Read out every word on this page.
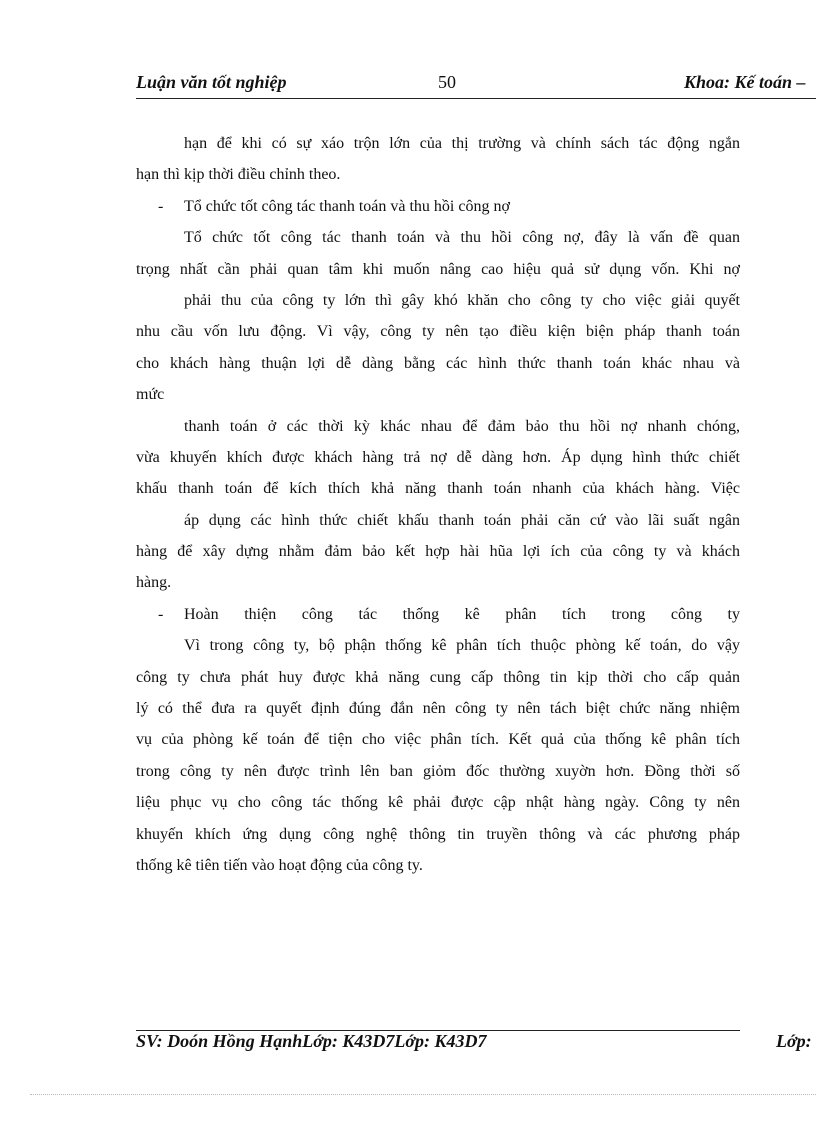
Luận văn tốt nghiệp	50	Khoa: Kế toán –
hạn để khi có sự xáo trộn lớn của thị trường và chính sách tác động ngắn
hạn thì kịp thời điều chỉnh theo.
- Tổ chức tốt công tác thanh toán và thu hồi công nợ
Tổ chức tốt công tác thanh toán và thu hồi công nợ, đây là vấn đề quan
trọng nhất cần phải quan tâm khi muốn nâng cao hiệu quả sử dụng vốn. Khi nợ
phải thu của công ty lớn thì gây khó khăn cho công ty cho việc giải quyết
nhu cầu vốn lưu động. Vì vậy, công ty nên tạo điều kiện biện pháp thanh toán
cho khách hàng thuận lợi dễ dàng bằng các hình thức thanh toán khác nhau và
mức
thanh toán ở các thời kỳ khác nhau để đảm bảo thu hồi nợ nhanh chóng,
vừa khuyến khích được khách hàng trả nợ dễ dàng hơn. Áp dụng hình thức chiết
khấu thanh toán để kích thích khả năng thanh toán nhanh của khách hàng. Việc
áp dụng các hình thức chiết khấu thanh toán phải căn cứ vào lãi suất ngân
hàng để xây dựng nhằm đảm bảo kết hợp hài hũa lợi ích của công ty và khách
hàng.
- Hoàn thiện công tác thống kê phân tích trong công ty
Vì trong công ty, bộ phận thống kê phân tích thuộc phòng kế toán, do vậy
công ty chưa phát huy được khả năng cung cấp thông tin kịp thời cho cấp quản
lý có thể đưa ra quyết định đúng đắn nên công ty nên tách biệt chức năng nhiệm
vụ của phòng kế toán để tiện cho việc phân tích. Kết quả của thống kê phân tích
trong công ty nên được trình lên ban giỏm đốc thường xuyờn hơn. Đồng thời số
liệu phục vụ cho công tác thống kê phải được cập nhật hàng ngày. Công ty nên
khuyến khích ứng dụng công nghệ thông tin truyền thông và các phương pháp
thống kê tiên tiến vào hoạt động của công ty.
SV: Doón Hồng HạnhLớp: K43D7Lớp: K43D7	Lớp:
